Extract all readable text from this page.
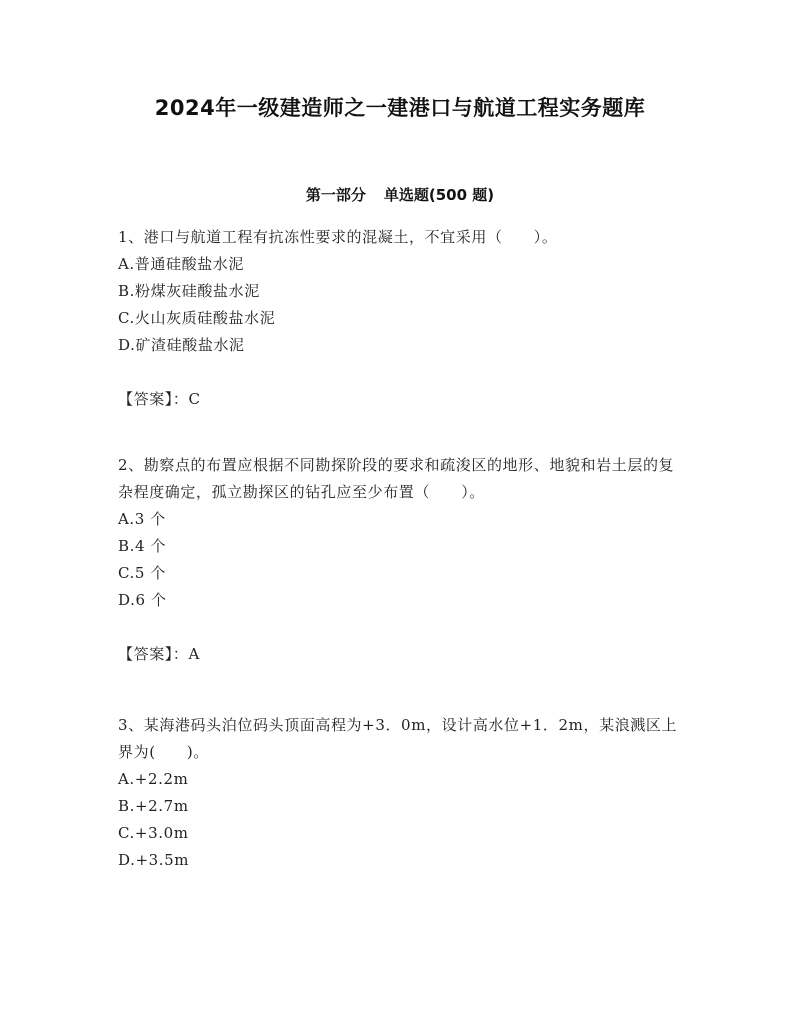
2024年一级建造师之一建港口与航道工程实务题库
第一部分 单选题(500 题)

1、港口与航道工程有抗冻性要求的混凝土，不宜采用（　　）。

A.普通硅酸盐水泥
B.粉煤灰硅酸盐水泥
C.火山灰质硅酸盐水泥
D.矿渣硅酸盐水泥
【答案】：C

2、勘察点的布置应根据不同勘探阶段的要求和疏浚区的地形、地貌和岩土层的复杂程度确定，孤立勘探区的钻孔应至少布置（　　）。

A.3 个
B.4 个
C.5 个
D.6 个
【答案】：A

3、某海港码头泊位码头顶面高程为+3．0m，设计高水位+1．2m，某浪溅区上界为(　　)。

A.+2.2m
B.+2.7m
C.+3.0m
D.+3.5m
